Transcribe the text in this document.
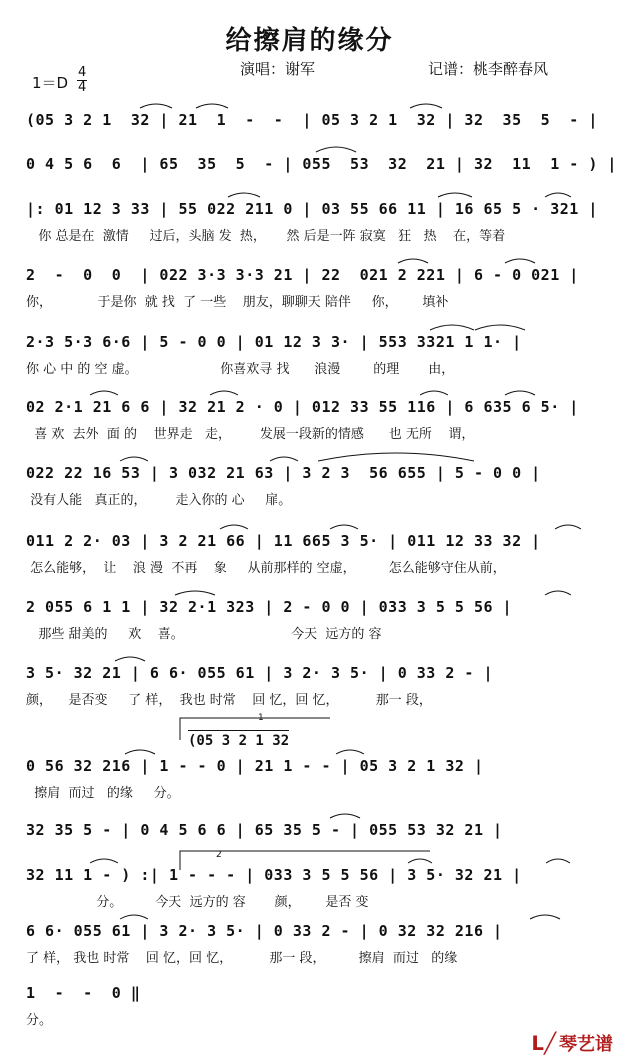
给擦肩的缘分
演唱：谢军	记谱：桃李醉春风
1＝D
4
4
(05 3 2 1  32 | 21  1  -  -  | 05 3 2 1  32 | 32  35  5  - |
0 4 5 6  6  | 65  35  5  - | 055  53  32  21 | 32  11  1 - ) |
|: 01 12 3 33 | 55 022 211 0 | 03 55 66 11 | 16 65 5 · 321 |
你 总是在  激情     过后，头脑 发  热，     然 后是一阵 寂寞   狂   热    在，等着
2  -  0  0  | 022 3·3 3·3 21 | 22  021 2 221 | 6 - 0 021 |
你，           于是你  就 找  了 一些    朋友，聊聊天 陪伴     你，      填补
2·3 5·3 6·6 | 5 - 0 0 | 01 12 3 3· | 553 3321 1 1· |
你 心 中 的 空 虚。                    你喜欢寻 找      浪漫        的理       由，
02 2·1 21 6 6 | 32 21 2 · 0 | 012 33 55 116 | 6 635 6 5· |
喜 欢  去外  面 的    世界走   走，       发展一段新的情感      也 无所    谓，
022 22 16 53 | 3 032 21 63 | 3 2 3  56 655 | 5 - 0 0 |
没有人能   真正的，       走入你的 心     扉。
011 2 2· 03 | 3 2 21 66 | 11 665 3 5· | 011 12 33 32 |
怎么能够，  让    浪 漫  不再    象     从前那样的 空虚，        怎么能够守住从前，
2 055 6 1 1 | 32 2·1 323 | 2 - 0 0 | 033 3 5 5 56 |
那些 甜美的     欢    喜。                          今天  远方的 容
3 5· 32 21 | 6 6· 055 61 | 3 2· 3 5· | 0 33 2 - |
颜，    是否变     了 样，  我也 时常    回 忆，回 忆，         那一 段，
1
(05 3 2 1 32
0 56 32 216 | 1 - - 0 | 21 1 - - | 05 3 2 1 32 |
擦肩  而过   的缘     分。
32 35 5 - | 0 4 5 6 6 | 65 35 5 - | 055 53 32 21 |
2
32 11 1 - ) :| 1 - - - | 033 3 5 5 56 | 3 5· 32 21 |
分。        今天  远方的 容       颜，      是否 变
6 6· 055 61 | 3 2· 3 5· | 0 33 2 - | 0 32 32 216 |
了 样， 我也 时常    回 忆，回 忆，         那一 段，        擦肩  而过   的缘
1  -  -  0 ‖
分。
ᒪ╱ 琴艺谱
